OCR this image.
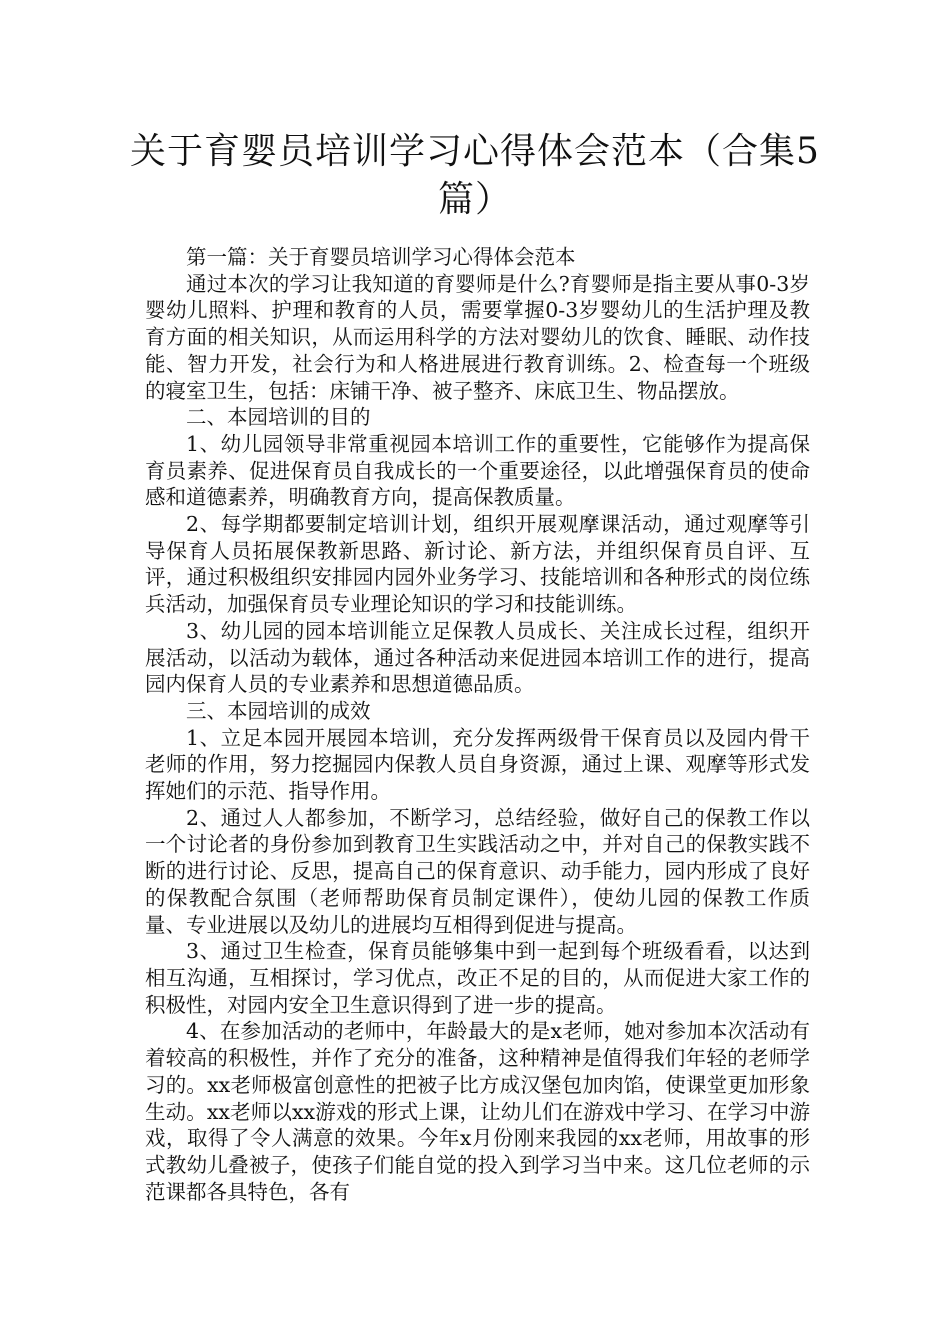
关于育婴员培训学习心得体会范本（合集5篇）

第一篇：关于育婴员培训学习心得体会范本

通过本次的学习让我知道的育婴师是什么?育婴师是指主要从事0-3岁婴幼儿照料、护理和教育的人员，需要掌握0-3岁婴幼儿的生活护理及教育方面的相关知识，从而运用科学的方法对婴幼儿的饮食、睡眠、动作技能、智力开发，社会行为和人格进展进行教育训练。2、检查每一个班级的寝室卫生，包括：床铺干净、被子整齐、床底卫生、物品摆放。

二、本园培训的目的

1、幼儿园领导非常重视园本培训工作的重要性，它能够作为提高保育员素养、促进保育员自我成长的一个重要途径，以此增强保育员的使命感和道德素养，明确教育方向，提高保教质量。

2、每学期都要制定培训计划，组织开展观摩课活动，通过观摩等引导保育人员拓展保教新思路、新讨论、新方法，并组织保育员自评、互评，通过积极组织安排园内园外业务学习、技能培训和各种形式的岗位练兵活动，加强保育员专业理论知识的学习和技能训练。

3、幼儿园的园本培训能立足保教人员成长、关注成长过程，组织开展活动，以活动为载体，通过各种活动来促进园本培训工作的进行，提高园内保育人员的专业素养和思想道德品质。

三、本园培训的成效

1、立足本园开展园本培训，充分发挥两级骨干保育员以及园内骨干老师的作用，努力挖掘园内保教人员自身资源，通过上课、观摩等形式发挥她们的示范、指导作用。

2、通过人人都参加，不断学习，总结经验，做好自己的保教工作以一个讨论者的身份参加到教育卫生实践活动之中，并对自己的保教实践不断的进行讨论、反思，提高自己的保育意识、动手能力，园内形成了良好的保教配合氛围（老师帮助保育员制定课件），使幼儿园的保教工作质量、专业进展以及幼儿的进展均互相得到促进与提高。

3、通过卫生检查，保育员能够集中到一起到每个班级看看，以达到相互沟通，互相探讨，学习优点，改正不足的目的，从而促进大家工作的积极性，对园内安全卫生意识得到了进一步的提高。

4、在参加活动的老师中，年龄最大的是x老师，她对参加本次活动有着较高的积极性，并作了充分的准备，这种精神是值得我们年轻的老师学习的。xx老师极富创意性的把被子比方成汉堡包加肉馅，使课堂更加形象生动。xx老师以xx游戏的形式上课，让幼儿们在游戏中学习、在学习中游戏，取得了令人满意的效果。今年x月份刚来我园的xx老师，用故事的形式教幼儿叠被子，使孩子们能自觉的投入到学习当中来。这几位老师的示范课都各具特色，各有
